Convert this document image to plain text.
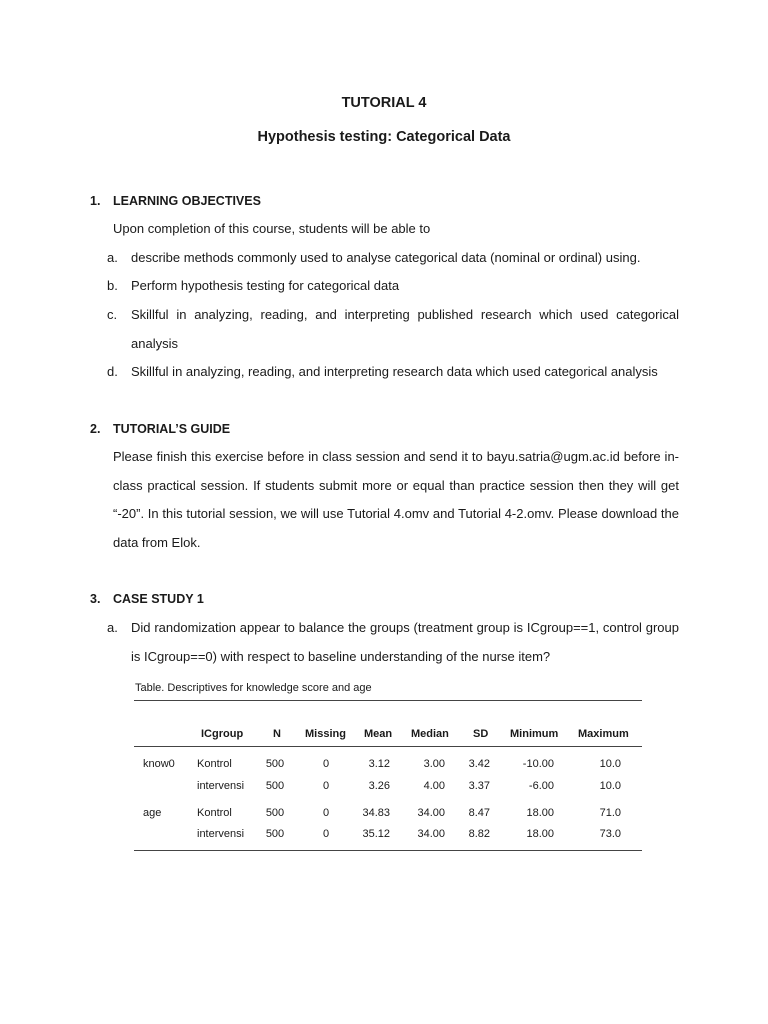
TUTORIAL 4
Hypothesis testing: Categorical Data
1. LEARNING OBJECTIVES
Upon completion of this course, students will be able to
a.	describe methods commonly used to analyse categorical data (nominal or ordinal) using.
b.	Perform hypothesis testing for categorical data
c.	Skillful in analyzing, reading, and interpreting published research which used categorical analysis
d.	Skillful in analyzing, reading, and interpreting research data which used categorical analysis
2. TUTORIAL’S GUIDE
Please finish this exercise before in class session and send it to bayu.satria@ugm.ac.id before in-class practical session. If students submit more or equal than practice session then they will get “-20”. In this tutorial session, we will use Tutorial 4.omv and Tutorial 4-2.omv. Please download the data from Elok.
3. CASE STUDY 1
a.	Did randomization appear to balance the groups (treatment group is ICgroup==1, control group is ICgroup==0) with respect to baseline understanding of the nurse item?
Table. Descriptives for knowledge score and age
ICgroup	N	Missing Mean Median SD Minimum Maximum
know0 Kontrol	500	0	3.12	3.00	3.42	-10.00	10.0
intervensi	500	0	3.26	4.00	3.37	-6.00	10.0
age	Kontrol	500	0	34.83	34.00	8.47	18.00	71.0
intervensi	500	0	35.12	34.00	8.82	18.00	73.0
